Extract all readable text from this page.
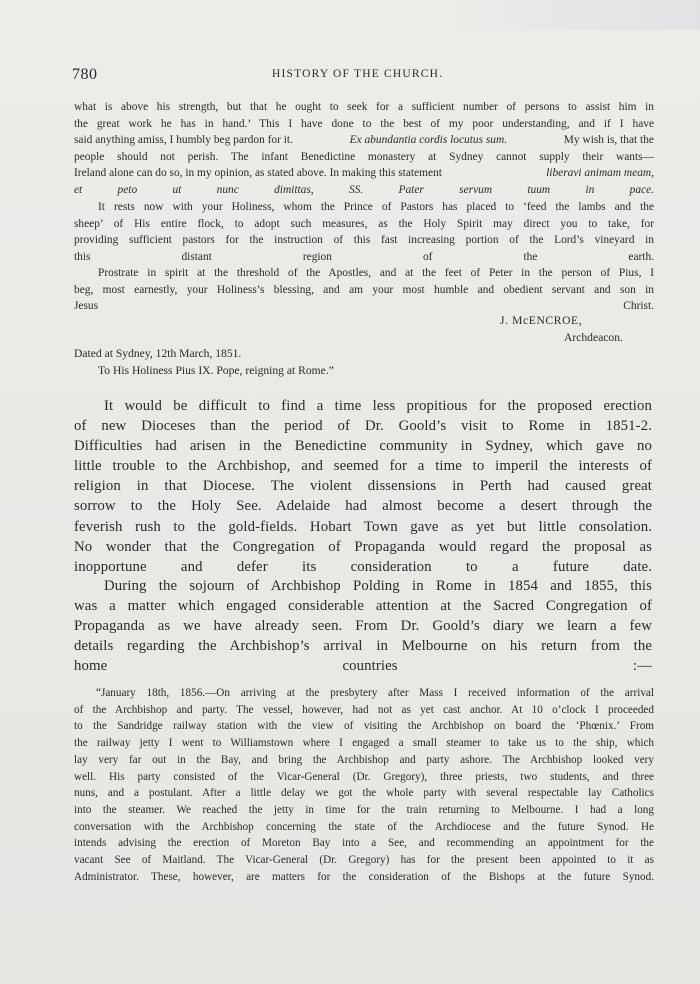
780	HISTORY OF THE CHURCH.
what is above his strength, but that he ought to seek for a sufficient number of persons to assist him in
the great work he has in hand.’ This I have done to the best of my poor understanding, and if I have
said anything amiss, I humbly beg pardon for it.	Ex abundantia cordis locutus sum.	My wish is, that the
people should not perish. The infant Benedictine monastery at Sydney cannot supply their wants—
Ireland alone can do so, in my opinion, as stated above. In making this statement	liberavi animam meam,
et peto ut nunc dimittas, SS. Pater servum tuum in pace.
It rests now with your Holiness, whom the Prince of Pastors has placed to ‘feed the lambs and the
sheep’ of His entire flock, to adopt such measures, as the Holy Spirit may direct you to take, for
providing sufficient pastors for the instruction of this fast increasing portion of the Lord’s vineyard in
this distant region of the earth.
Prostrate in spirit at the threshold of the Apostles, and at the feet of Peter in the person of Pius, I
beg, most earnestly, your Holiness’s blessing, and am your most humble and obedient servant and son in
Jesus Christ.
J. McENCROE,
Archdeacon.
Dated at Sydney, 12th March, 1851.
To His Holiness Pius IX. Pope, reigning at Rome.”
It would be difficult to find a time less propitious for the proposed erection
of new Dioceses than the period of Dr. Goold’s visit to Rome in 1851-2.
Difficulties had arisen in the Benedictine community in Sydney, which gave no
little trouble to the Archbishop, and seemed for a time to imperil the interests of
religion in that Diocese. The violent dissensions in Perth had caused great
sorrow to the Holy See. Adelaide had almost become a desert through the
feverish rush to the gold-fields. Hobart Town gave as yet but little consolation.
No wonder that the Congregation of Propaganda would regard the proposal as
inopportune and defer its consideration to a future date.
During the sojourn of Archbishop Polding in Rome in 1854 and 1855, this
was a matter which engaged considerable attention at the Sacred Congregation of
Propaganda as we have already seen. From Dr. Goold’s diary we learn a few
details regarding the Archbishop’s arrival in Melbourne on his return from the
home countries :—
“January 18th, 1856.—On arriving at the presbytery after Mass I received information of the arrival
of the Archbishop and party. The vessel, however, had not as yet cast anchor. At 10 o’clock I proceeded
to the Sandridge railway station with the view of visiting the Archbishop on board the ‘Phœnix.’ From
the railway jetty I went to Williamstown where I engaged a small steamer to take us to the ship, which
lay very far out in the Bay, and bring the Archbishop and party ashore. The Archbishop looked very
well. His party consisted of the Vicar-General (Dr. Gregory), three priests, two students, and three
nuns, and a postulant. After a little delay we got the whole party with several respectable lay Catholics
into the steamer. We reached the jetty in time for the train returning to Melbourne. I had a long
conversation with the Archbishop concerning the state of the Archdiocese and the future Synod. He
intends advising the erection of Moreton Bay into a See, and recommending an appointment for the
vacant See of Maitland. The Vicar-General (Dr. Gregory) has for the present been appointed to it as
Administrator. These, however, are matters for the consideration of the Bishops at the future Synod.
